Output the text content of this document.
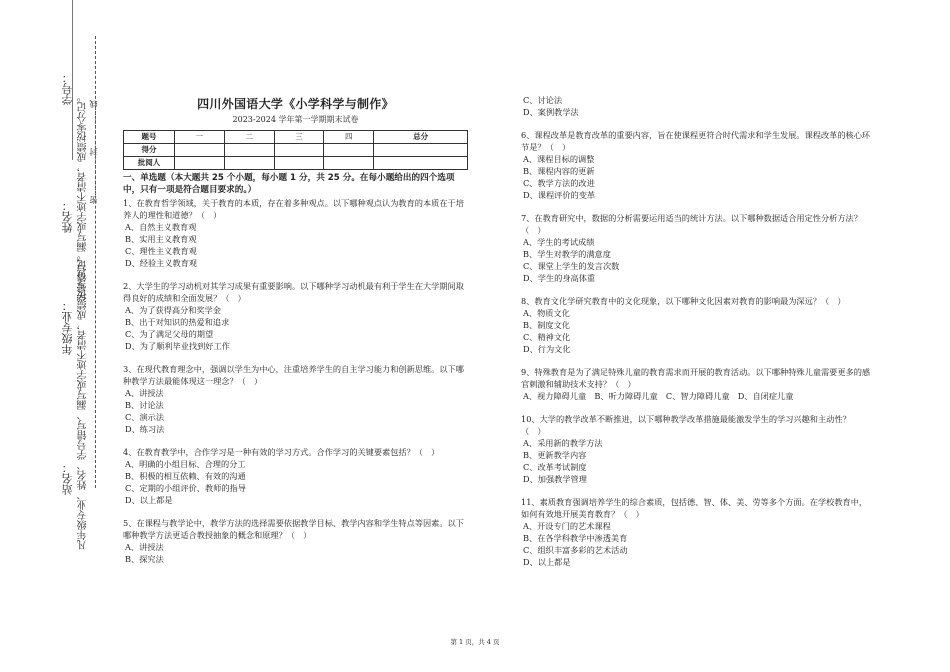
学号：
学号错写、漏写或字迹不清者，成绩按零分记。
姓名：
密……………封……………线
年级专业： 凡年级专业、姓名、学号错写、漏写或字迹不清者，成绩按零分记。
站名：
四川外国语大学《小学科学与制作》
2023-2024 学年第一学期期末试卷
题号	一	二	三	四	总分
得分					
批阅人					
一、单选题（本大题共 25 个小题，每小题 1 分，共 25 分。在每小题给出的四个选项中，只有一项是符合题目要求的。）
1、在教育哲学领域，关于教育的本质，存在着多种观点。以下哪种观点认为教育的本质在于培养人的理性和道德？（　）
A、自然主义教育观
B、实用主义教育观
C、理性主义教育观
D、经验主义教育观
2、大学生的学习动机对其学习成果有重要影响。以下哪种学习动机最有利于学生在大学期间取得良好的成绩和全面发展？（　）
A、为了获得高分和奖学金
B、出于对知识的热爱和追求
C、为了满足父母的期望
D、为了顺利毕业找到好工作
3、在现代教育理念中，强调以学生为中心，注重培养学生的自主学习能力和创新思维。以下哪种教学方法最能体现这一理念？（　）
A、讲授法
B、讨论法
C、演示法
D、练习法
4、在教育教学中，合作学习是一种有效的学习方式。合作学习的关键要素包括？（　）
A、明确的小组目标、合理的分工
B、积极的相互依赖、有效的沟通
C、定期的小组评价、教师的指导
D、以上都是
5、在课程与教学论中，教学方法的选择需要依据教学目标、教学内容和学生特点等因素。以下哪种教学方法更适合教授抽象的概念和原理？（　）
A、讲授法
B、探究法
C、讨论法
D、案例教学法
6、课程改革是教育改革的重要内容，旨在使课程更符合时代需求和学生发展。课程改革的核心环节是？（　）
A、课程目标的调整
B、课程内容的更新
C、教学方法的改进
D、课程评价的变革
7、在教育研究中，数据的分析需要运用适当的统计方法。以下哪种数据适合用定性分析方法？（　）
A、学生的考试成绩
B、学生对教学的满意度
C、课堂上学生的发言次数
D、学生的身高体重
8、教育文化学研究教育中的文化现象，以下哪种文化因素对教育的影响最为深远？（　）
A、物质文化
B、制度文化
C、精神文化
D、行为文化
9、特殊教育是为了满足特殊儿童的教育需求而开展的教育活动。以下哪种特殊儿童需要更多的感官刺激和辅助技术支持？（　）
A、视力障碍儿童　B、听力障碍儿童　C、智力障碍儿童　D、自闭症儿童
10、大学的教学改革不断推进，以下哪种教学改革措施最能激发学生的学习兴趣和主动性？（　）
A、采用新的教学方法
B、更新教学内容
C、改革考试制度
D、加强教学管理
11、素质教育强调培养学生的综合素质，包括德、智、体、美、劳等多个方面。在学校教育中，如何有效地开展美育教育？（　）
A、开设专门的艺术课程
B、在各学科教学中渗透美育
C、组织丰富多彩的艺术活动
D、以上都是
第 1 页，共 4 页
